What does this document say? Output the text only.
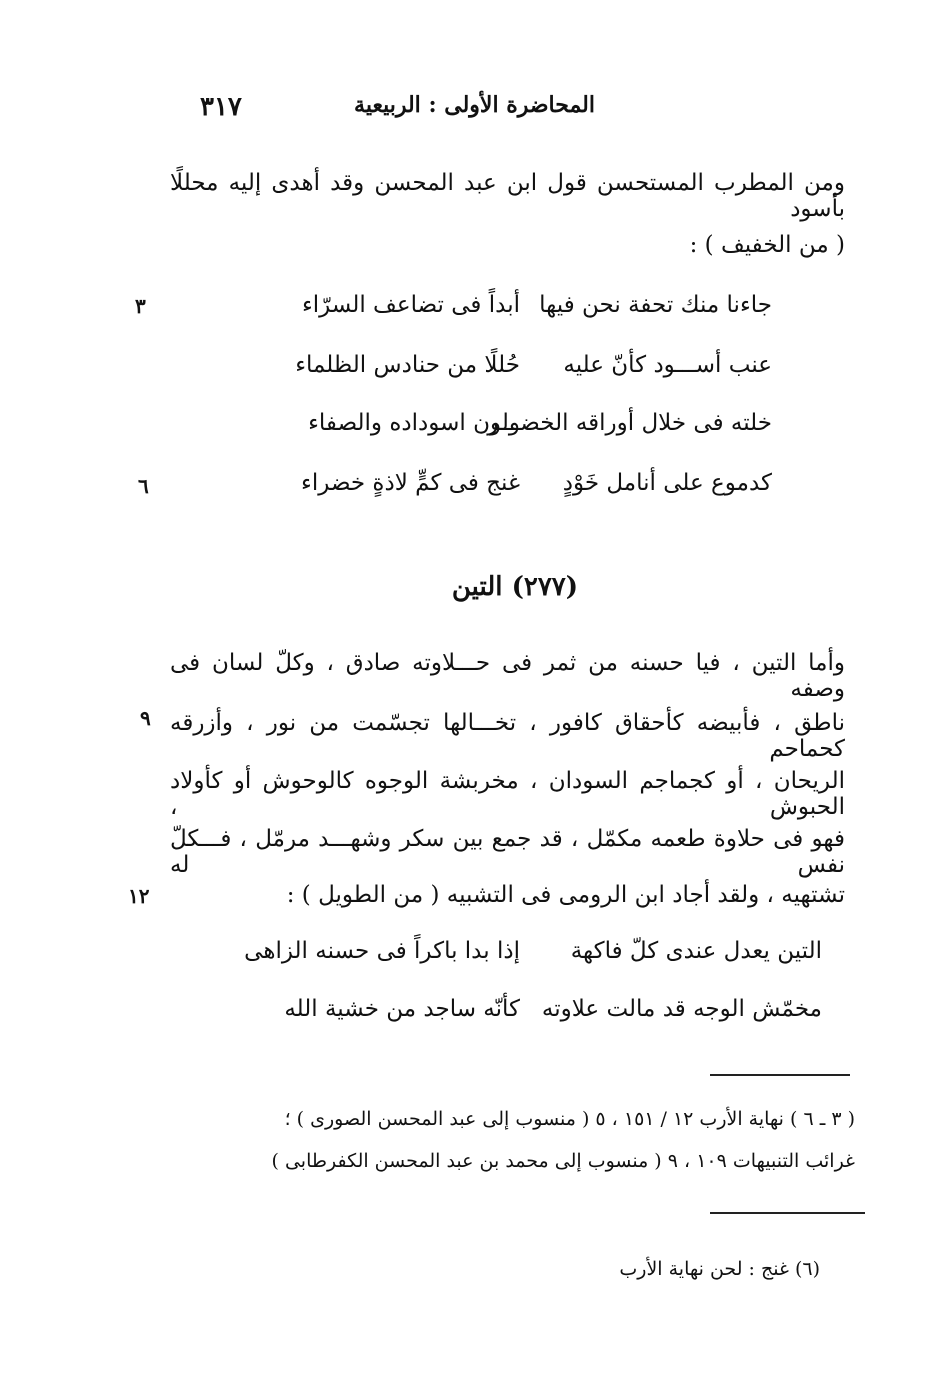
٣١٧	المحاضرة الأولى : الربيعية
ومن المطرب المستحسن قول ابن عبد المحسن وقد أهدى إليه محللًا بأسود
( من الخفيف ) :
جاءنا منك تحفة نحن فيها
أبداً فى تضاعف السرّاء
٣
عنب أســـود كأنّ عليه
حُللًا من حنادس الظلماء
خلته فى خلال أوراقه الخضـــر
ولون اسوداده والصفاء
كدموع على أنامل خَوْدٍ
غنج فى كمٍّ لاذةٍ خضراء
٦
(٢٧٧) التين
وأما التين ، فيا حسنه من ثمر فى حـــلاوته صادق ، وكلّ لسان فى وصفه
ناطق ، فأبيضه كأحقاق كافور ، تخـــالها تجسّمت من نور ، وأزرقه كحماحم
٩
الريحان ، أو كجماجم السودان ، مخربشة الوجوه كالوحوش أو كأولاد الحبوش ،
فهو فى حلاوة طعمه مكمّل ، قد جمع بين سكر وشهـــد مرمّل ، فـــكلّ نفس له
تشتهيه ، ولقد أجاد ابن الرومى فى التشبيه ( من الطويل ) :
١٢
التين يعدل عندى كلّ فاكهة
إذا بدا باكراً فى حسنه الزاهى
مخمّش الوجه قد مالت علاوته
كأنّه ساجد من خشية الله
( ٣ ـ ٦ ) نهاية الأرب ١٢ / ١٥١ ، ٥ ( منسوب إلى عبد المحسن الصورى ) ؛
غرائب التنبيهات ١٠٩ ، ٩ ( منسوب إلى محمد بن عبد المحسن الكفرطابى )
(٦) غنج : لحن نهاية الأرب
